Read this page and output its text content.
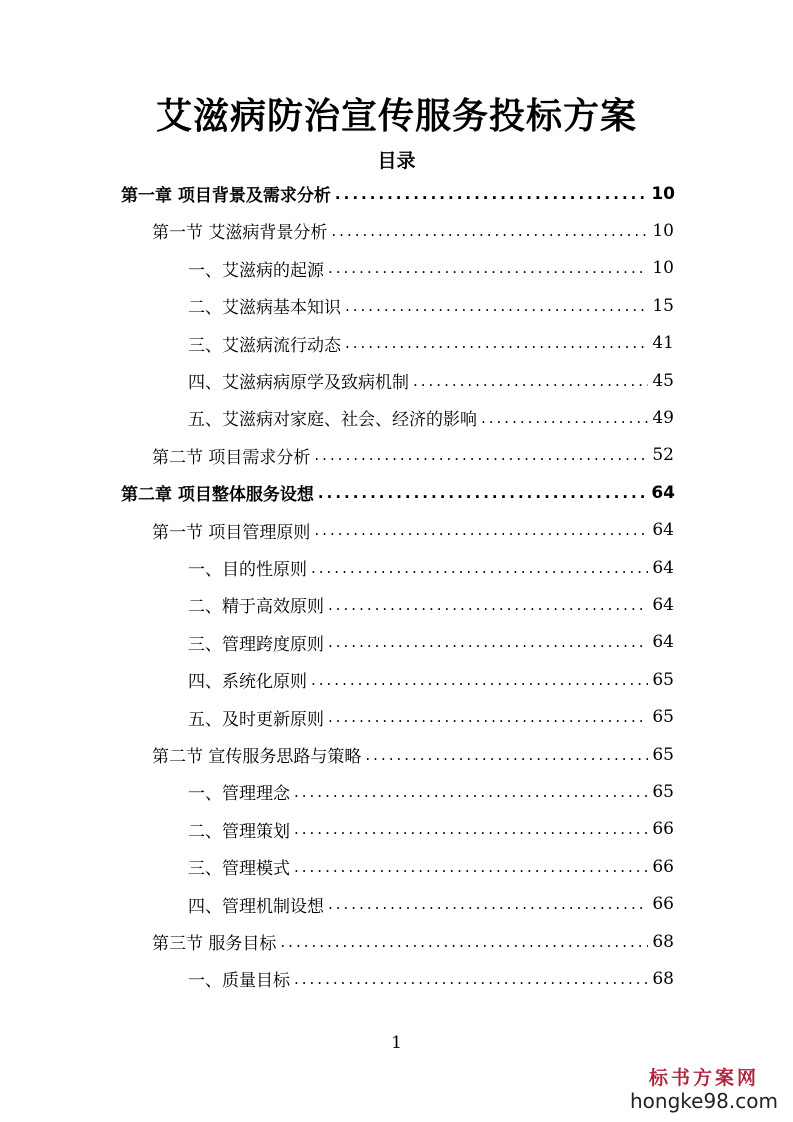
艾滋病防治宣传服务投标方案
目录
第一章 项目背景及需求分析 .....	10
第一节 艾滋病背景分析 .....	10
一、艾滋病的起源 .....	10
二、艾滋病基本知识 .....	15
三、艾滋病流行动态 .....	41
四、艾滋病病原学及致病机制 .....	45
五、艾滋病对家庭、社会、经济的影响 .....	49
第二节 项目需求分析 .....	52
第二章 项目整体服务设想 .....	64
第一节 项目管理原则 .....	64
一、目的性原则 .....	64
二、精于高效原则 .....	64
三、管理跨度原则 .....	64
四、系统化原则 .....	65
五、及时更新原则 .....	65
第二节 宣传服务思路与策略 .....	65
一、管理理念 .....	65
二、管理策划 .....	66
三、管理模式 .....	66
四、管理机制设想 .....	66
第三节 服务目标 .....	68
一、质量目标 .....	68
1
标书方案网
hongke98.com
